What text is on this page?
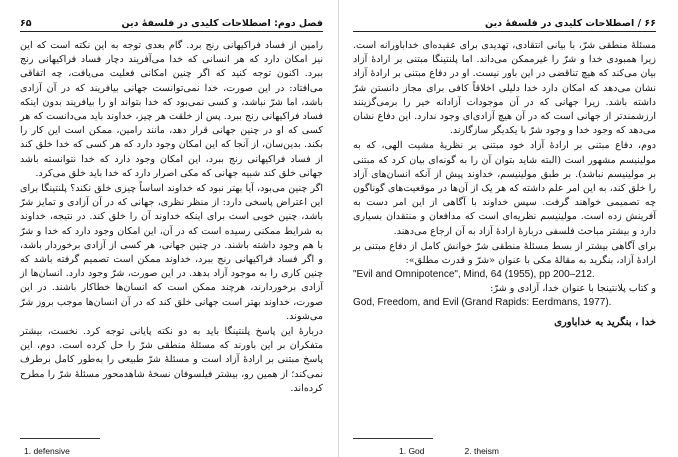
فصل دوم: اصطلاحات کلیدی در فلسفهٔ دین
۶۵

رامین از فساد فراکیهانی رنج برد. گام بعدی توجه به این نکته است که این نیز امکان دارد که هر انسانی که خدا می‌آفریند دچار فساد فراکیهانی رنج ببرد. اکنون توجه کنید که اگر چنین امکانی فعلیت می‌یافت، چه اتفاقی می‌افتاد: در این صورت، خدا نمی‌توانست جهانی بیافریند که در آن آزادی باشد، اما شرّ نباشد، و کسی نمی‌بود که خدا بتواند او را بیافریند بدون اینکه فساد فراکیهانی رنج ببرد. پس از خلقت هر چیز، خداوند باید می‌دانست که هر کسی که او در چنین جهانی قرار دهد، مانند رامین، ممکن است این کار را بکند. بدین‌سان، از آنجا که این امکان وجود دارد که هر کسی که خدا خلق کند از فساد فراکیهانی رنج ببرد، این امکان وجود دارد که خدا نتوانسته باشد جهانی خلق کند شبیه جهانی که مکی اصرار دارد که خدا باید خلق می‌کرد.

اگر چنین می‌بود، آیا بهتر نبود که خداوند اساساً چیزی خلق نکند؟ پلنتینگا برای این اعتراض پاسخی دارد: از منظر نظری، جهانی که در آن آزادی و تمایز شرّ باشد، چنین خوبی است برای اینکه خداوند آن را خلق کند. در نتیجه، خداوند به شرایط ممکنی رسیده است که در آن، این امکان وجود دارد که خدا و شرّ با هم وجود داشته باشند. در چنین جهانی، هر کسی از آزادی برخوردار باشد، و اگر فساد فراکیهانی رنج ببرد، خداوند ممکن است تصمیم گرفته باشد که چنین کاری را به موجود آزاد بدهد. در این صورت، شرّ وجود دارد. انسان‌ها از آزادی برخوردارند، هرچند ممکن است که انسان‌ها خطاکار باشند. در این صورت، خداوند بهتر است جهانی خلق کند که در آن انسان‌ها موجب بروز شرّ می‌شوند.

دربارهٔ این پاسخ پلنتینگا باید به دو نکته پایانی توجه کرد. نخست، بیشتر متفکران بر این باورند که مسئلهٔ منطقی شرّ را حل کرده است. دوم، این پاسخ مبتنی بر ارادهٔ آزاد است و مسئلهٔ شرّ طبیعی را به‌طور کامل برطرف نمی‌کند؛ از همین رو، بیشتر فیلسوفان نسخهٔ شاهدمحور مسئلهٔ شرّ را مطرح کرده‌اند.

1. defensive
۶۶ / اصطلاحات کلیدی در فلسفهٔ دین

مسئلهٔ منطقی شرّ، با بیانی انتقادی، تهدیدی برای عقیده‌ای خداباورانه است. زیرا همبودی خدا و شرّ را غیرممکن می‌داند. اما پلنتینگا مبتنی بر ارادهٔ آزاد بیان می‌کند که هیچ تناقضی در این باور نیست. او در دفاع مبتنی بر ارادهٔ آزاد نشان می‌دهد که امکان دارد خدا دلیلی اخلاقاً کافی برای مجاز دانستن شرّ داشته باشد. زیرا جهانی که در آن موجودات آزادانه خیر را برمی‌گزینند ارزشمندتر از جهانی است که در آن هیچ آزادی‌ای وجود ندارد. این دفاع نشان می‌دهد که وجود خدا و وجود شرّ با یکدیگر سازگارند.

دوم، دفاع مبتنی بر ارادهٔ آزاد خود مبتنی بر نظریهٔ مشیت الهی، که به مولینیسم مشهور است (البته شاید بتوان آن را به گونه‌ای بیان کرد که مبتنی بر مولینیسم نباشد). بر طبق مولینیسم، خداوند پیش از آنکه انسان‌های آزاد را خلق کند، به این امر علم داشته که هر یک از آن‌ها در موقعیت‌های گوناگون چه تصمیمی خواهند گرفت. سپس خداوند با آگاهی از این امر دست به آفرینش زده است. مولینیسم نظریه‌ای است که مدافعان و منتقدان بسیاری دارد و بیشتر مباحث فلسفی دربارهٔ ارادهٔ آزاد به آن ارجاع می‌دهند.

برای آگاهی بیشتر از بسط مسئلهٔ منطقی شرّ خوانش کامل از دفاع مبتنی بر ارادهٔ آزاد، بنگرید به مقالهٔ مکی با عنوان «شرّ و قدرت مطلق»:

"Evil and Omnipotence", Mind, 64 (1955), pp 200–212.

و کتاب پلانتینجا با عنوان خدا، آزادی و شرّ:

God, Freedom, and Evil (Grand Rapids: Eerdmans, 1977).

خدا ، بنگرید به خداباوری

1. God	2. theism
